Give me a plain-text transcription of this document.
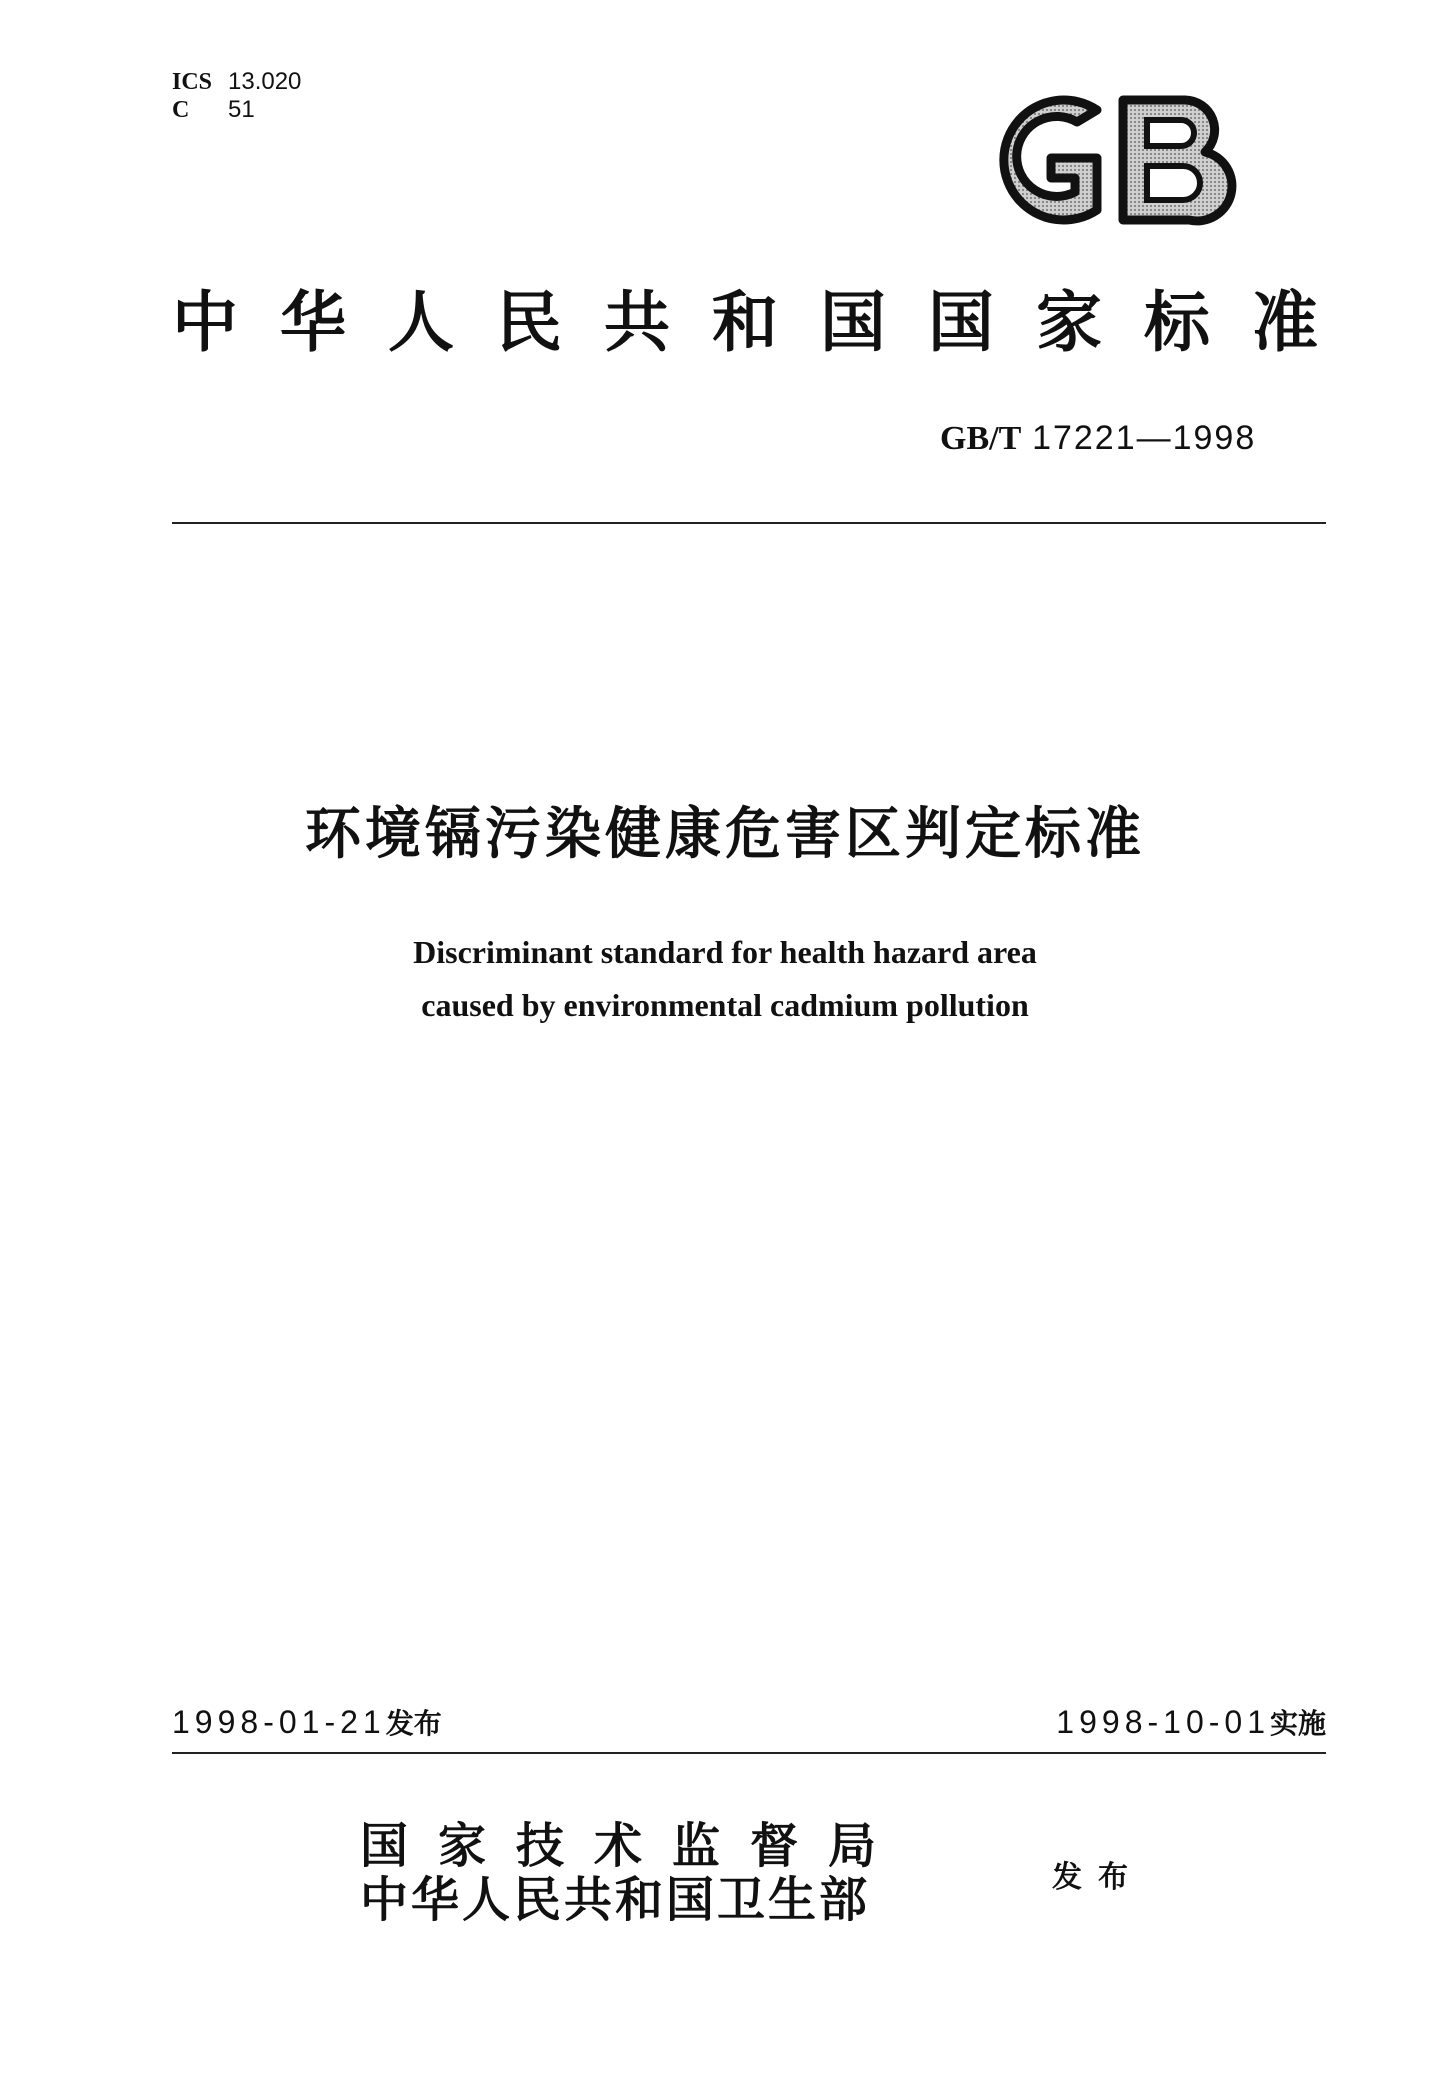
ICS 13.020
C 51
中华人民共和国国家标准
GB/T 17221—1998
环境镉污染健康危害区判定标准
Discriminant standard for health hazard area
caused by environmental cadmium pollution
1998-01-21发布	1998-10-01实施
国家技术监督局
中华人民共和国卫生部	发布
